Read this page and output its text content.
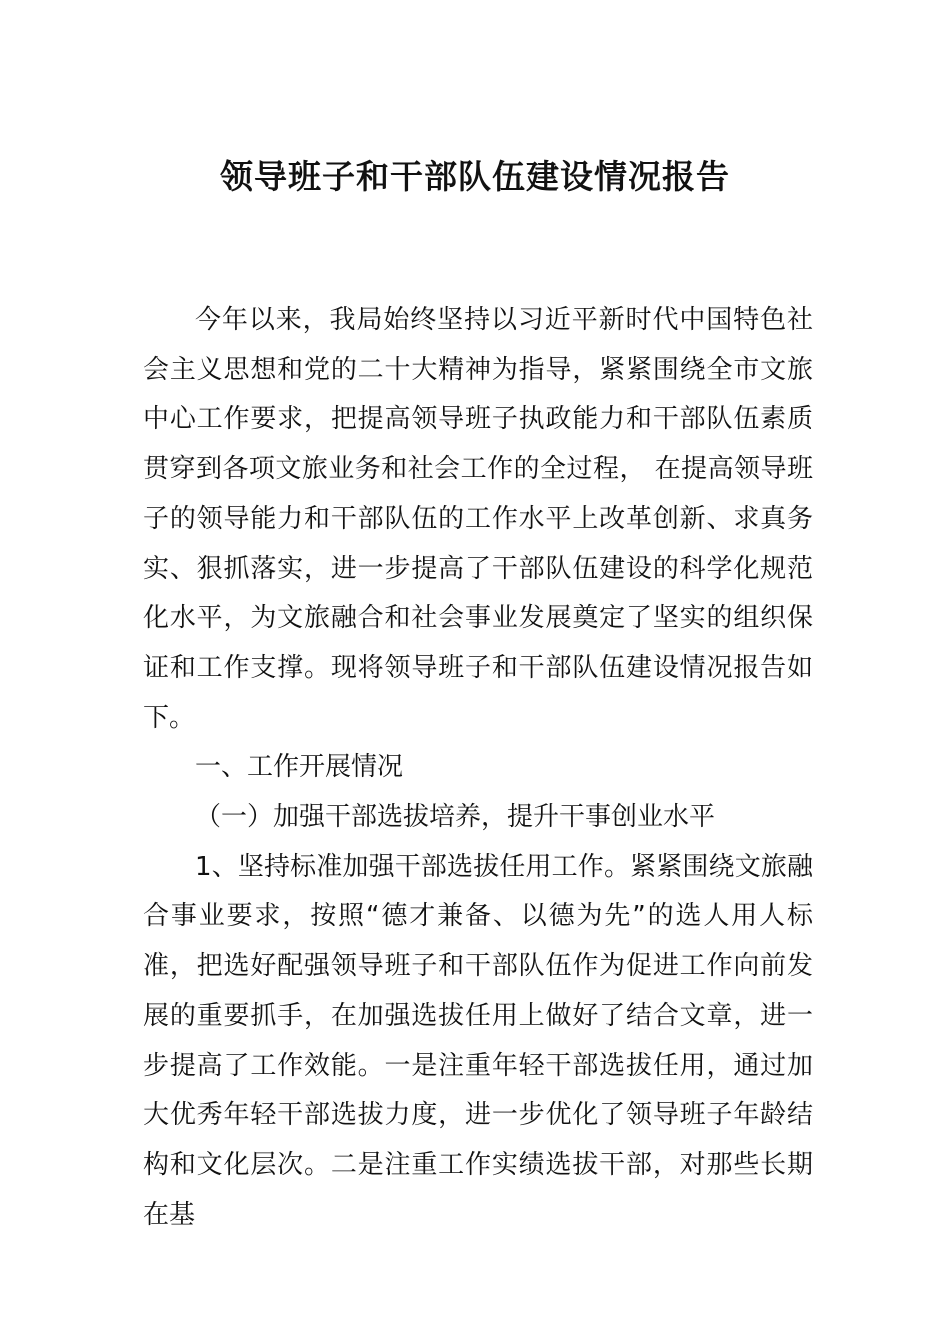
领导班子和干部队伍建设情况报告

今年以来，我局始终坚持以习近平新时代中国特色社会主义思想和党的二十大精神为指导，紧紧围绕全市文旅中心工作要求，把提高领导班子执政能力和干部队伍素质贯穿到各项文旅业务和社会工作的全过程， 在提高领导班子的领导能力和干部队伍的工作水平上改革创新、求真务实、狠抓落实，进一步提高了干部队伍建设的科学化规范化水平，为文旅融合和社会事业发展奠定了坚实的组织保证和工作支撑。现将领导班子和干部队伍建设情况报告如下。

一、工作开展情况

（一）加强干部选拔培养，提升干事创业水平

1、坚持标准加强干部选拔任用工作。紧紧围绕文旅融合事业要求，按照“德才兼备、以德为先”的选人用人标准，把选好配强领导班子和干部队伍作为促进工作向前发展的重要抓手，在加强选拔任用上做好了结合文章，进一步提高了工作效能。一是注重年轻干部选拔任用，通过加大优秀年轻干部选拔力度，进一步优化了领导班子年龄结构和文化层次。二是注重工作实绩选拔干部，对那些长期在基
